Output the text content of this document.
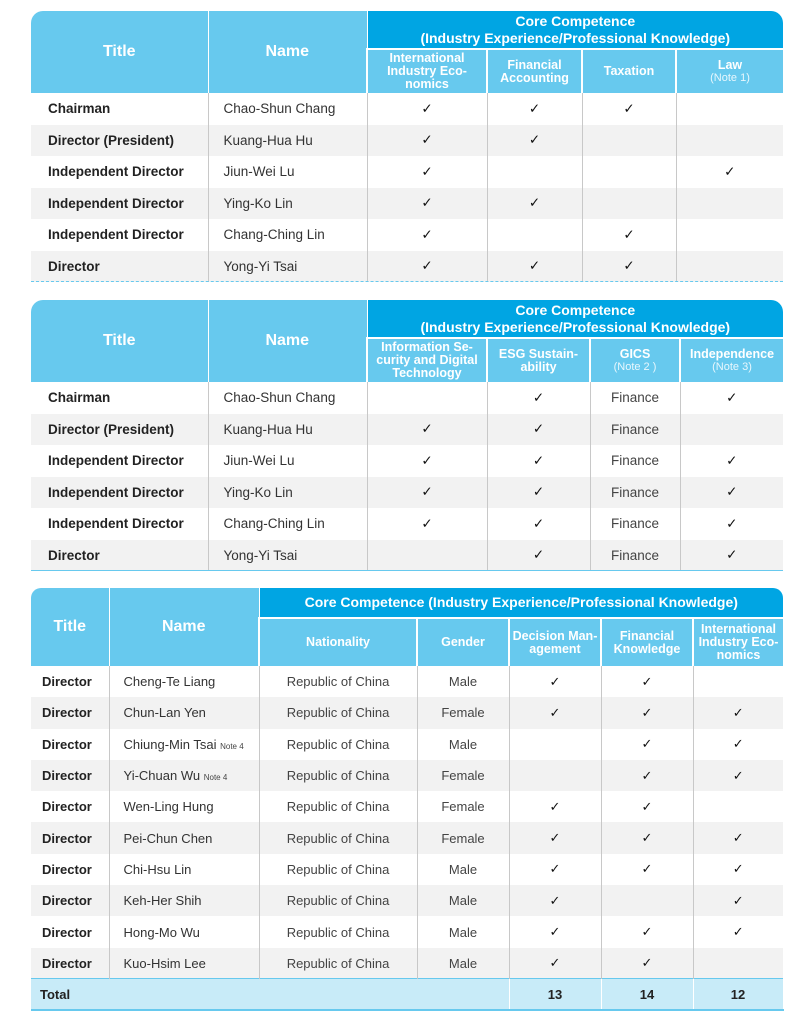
Title	Name	Core Competence
(Industry Experience/Professional Knowledge)			

		International Industry Eco-nomics	Financial Accounting	Taxation	Law
(Note 1)

Chairman	Chao-Shun Chang	✓	✓	✓	
Director (President)	Kuang-Hua Hu	✓	✓		
Independent Director	Jiun-Wei Lu	✓			✓
Independent Director	Ying-Ko Lin	✓	✓		
Independent Director	Chang-Ching Lin	✓		✓	
Director	Yong-Yi Tsai	✓	✓	✓	
Title	Name	Core Competence
(Industry Experience/Professional Knowledge)			

		Information Se-curity and Digital Technology	ESG Sustain-ability	GICS
(Note 2 )	Independence
(Note 3)

Chairman	Chao-Shun Chang		✓	Finance	✓
Director (President)	Kuang-Hua Hu	✓	✓	Finance	
Independent Director	Jiun-Wei Lu	✓	✓	Finance	✓
Independent Director	Ying-Ko Lin	✓	✓	Finance	✓
Independent Director	Chang-Ching Lin	✓	✓	Finance	✓
Director	Yong-Yi Tsai		✓	Finance	✓
Title	Name	Core Competence (Industry Experience/Professional Knowledge)				
		Nationality	Gender	Decision Man-agement	Financial Knowledge	International Industry Eco-nomics
Director	Cheng-Te Liang	Republic of China	Male	✓	✓	
Director	Chun-Lan Yen	Republic of China	Female	✓	✓	✓
Director	Chiung-Min Tsai Note 4	Republic of China	Male		✓	✓
Director	Yi-Chuan Wu Note 4	Republic of China	Female		✓	✓
Director	Wen-Ling Hung	Republic of China	Female	✓	✓	
Director	Pei-Chun Chen	Republic of China	Female	✓	✓	✓
Director	Chi-Hsu Lin	Republic of China	Male	✓	✓	✓
Director	Keh-Her Shih	Republic of China	Male	✓		✓
Director	Hong-Mo Wu	Republic of China	Male	✓	✓	✓
Director	Kuo-Hsim Lee	Republic of China	Male	✓	✓	
Total				13	14	12
